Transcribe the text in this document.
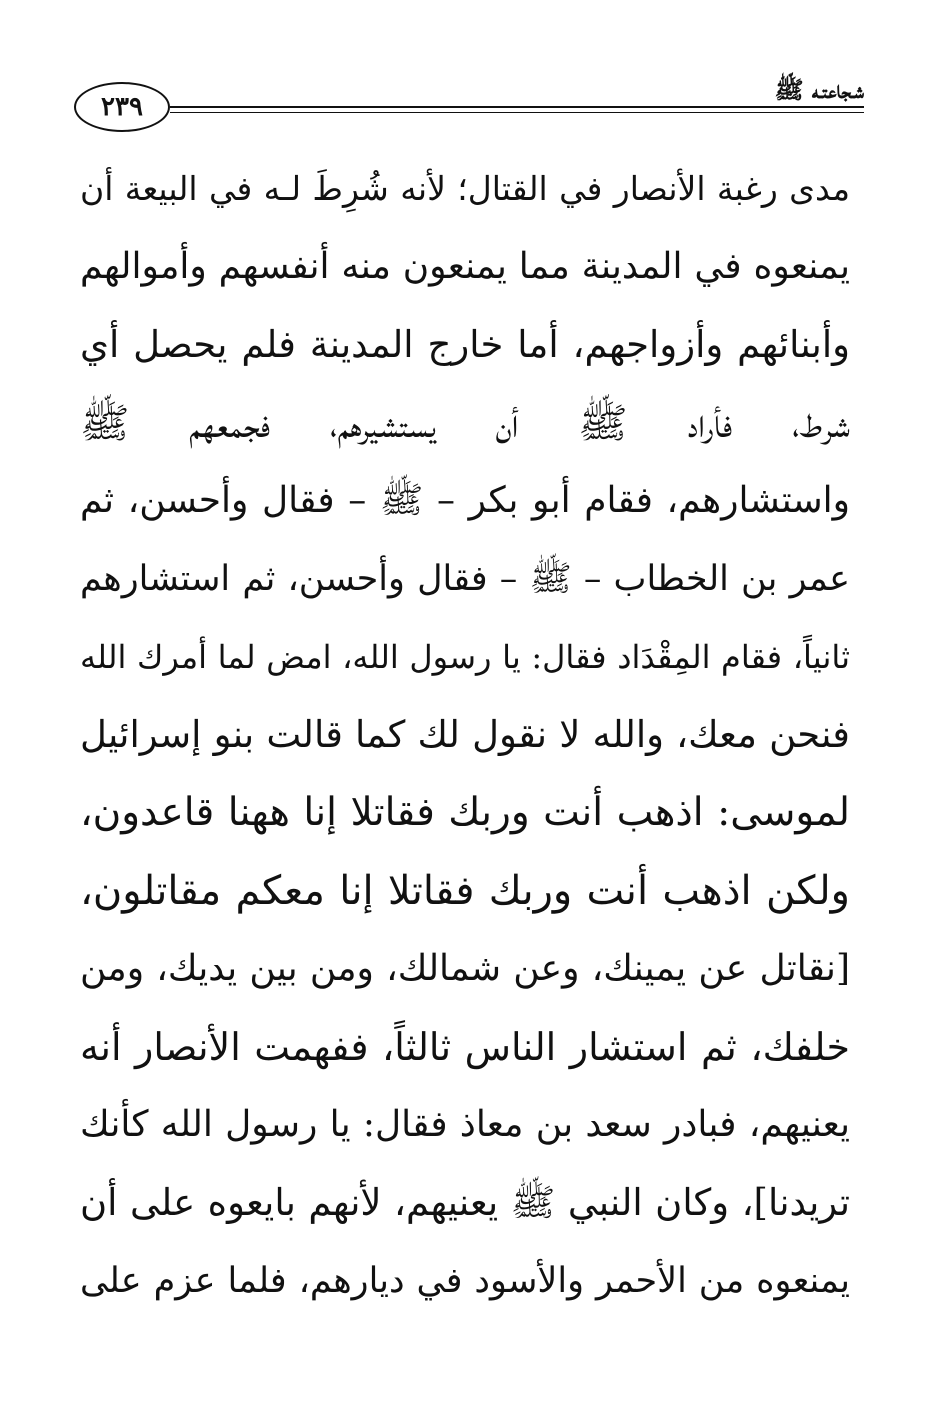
٢٣٩
شـجاعتـه ﷺ
مدى رغبة الأنصار في القتال؛ لأنه شُرِطَ لـه في البيعة أن
يمنعوه في المدينة مما يمنعون منه أنفسهم وأموالهم
وأبنائهم وأزواجهم، أما خارج المدينة فلم يحصل أي
شرط، فأراد ﷺ أن يستشيرهم، فجمعهم ﷺ
واستشارهم، فقام أبو بكر – ﷺ – فقال وأحسن، ثم
عمر بن الخطاب – ﷺ – فقال وأحسن، ثم استشارهم
ثانياً، فقام المِقْدَاد فقال: يا رسول الله، امض لما أمرك الله
فنحن معك، والله لا نقول لك كما قالت بنو إسرائيل
لموسى: اذهب أنت وربك فقاتلا إنا ههنا قاعدون،
ولكن اذهب أنت وربك فقاتلا إنا معكم مقاتلون،
[نقاتل عن يمينك، وعن شمالك، ومن بين يديك، ومن
خلفك، ثم استشار الناس ثالثاً، ففهمت الأنصار أنه
يعنيهم، فبادر سعد بن معاذ فقال: يا رسول الله كأنك
تريدنا]، وكان النبي ﷺ يعنيهم، لأنهم بايعوه على أن
يمنعوه من الأحمر والأسود في ديارهم، فلما عزم على
